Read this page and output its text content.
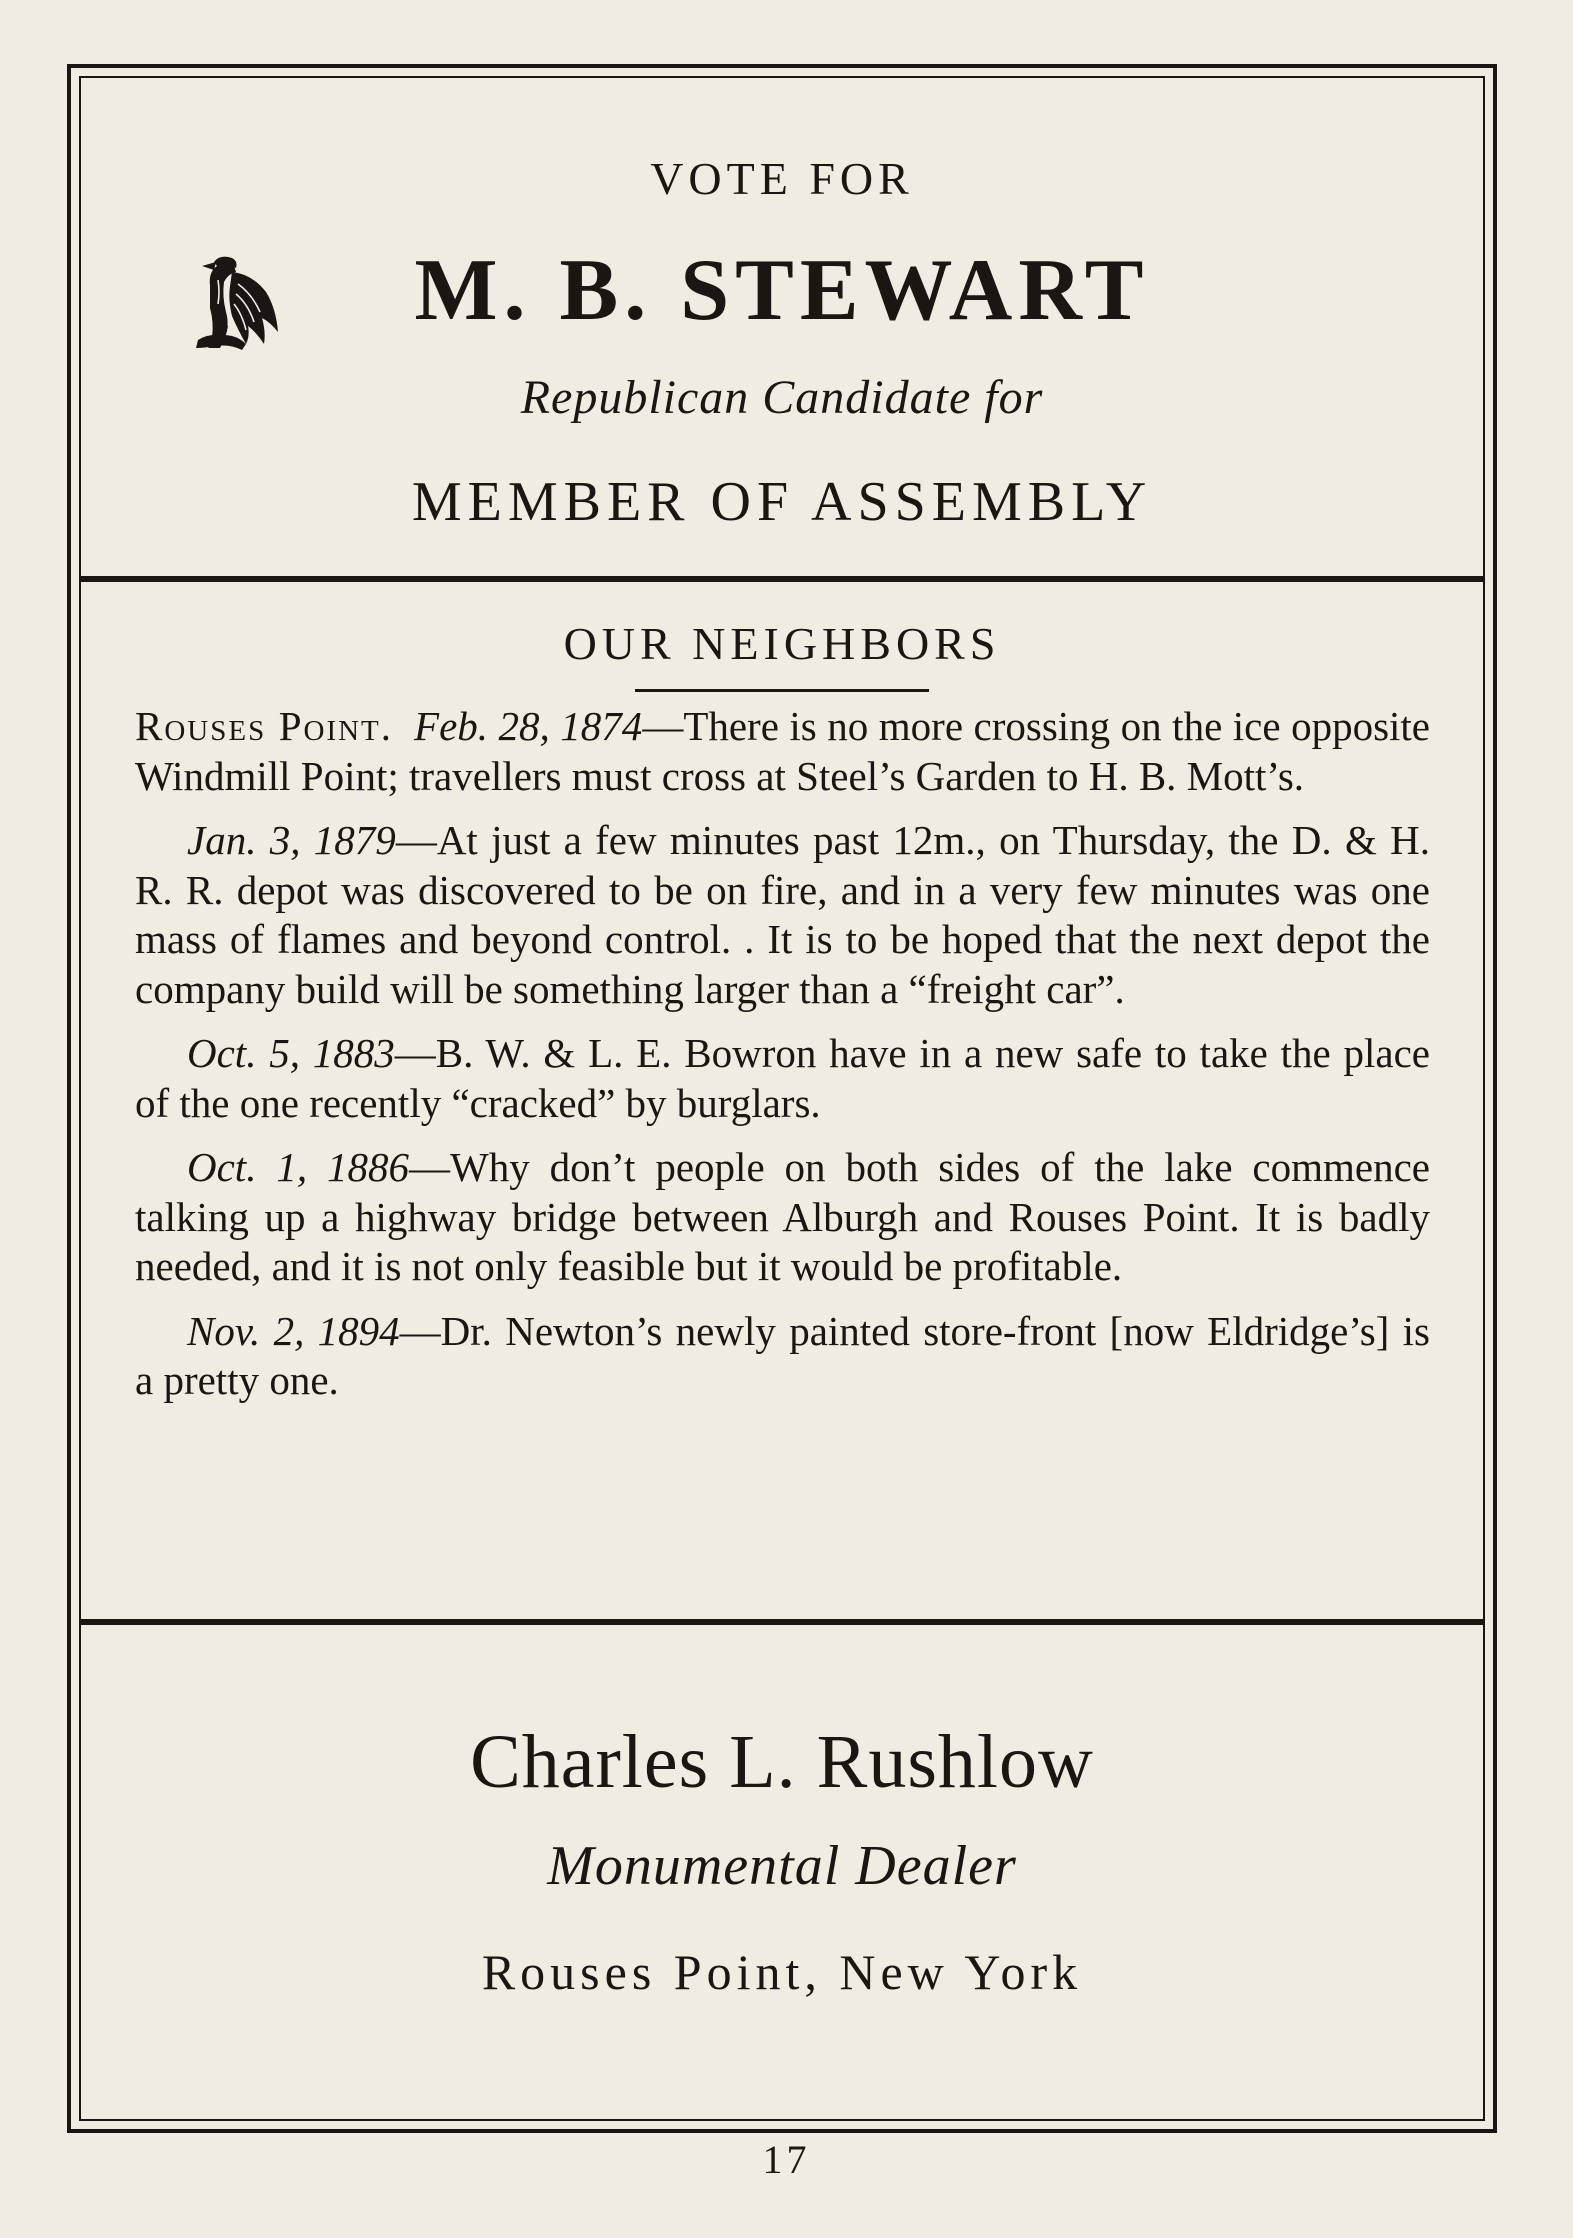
VOTE FOR
M. B. STEWART
Republican Candidate for
MEMBER OF ASSEMBLY
OUR NEIGHBORS

Rouses Point. Feb. 28, 1874—There is no more crossing on the ice opposite Windmill Point; travellers must cross at Steel’s Garden to H. B. Mott’s.

Jan. 3, 1879—At just a few minutes past 12m., on Thursday, the D. & H. R. R. depot was discovered to be on fire, and in a very few minutes was one mass of flames and beyond control. . It is to be hoped that the next depot the company build will be something larger than a “freight car”.

Oct. 5, 1883—B. W. & L. E. Bowron have in a new safe to take the place of the one recently “cracked” by burglars.

Oct. 1, 1886—Why don’t people on both sides of the lake commence talking up a highway bridge between Alburgh and Rouses Point. It is badly needed, and it is not only feasible but it would be profitable.

Nov. 2, 1894—Dr. Newton’s newly painted store-front [now Eldridge’s] is a pretty one.

Charles L. Rushlow
Monumental Dealer
Rouses Point, New York
17
